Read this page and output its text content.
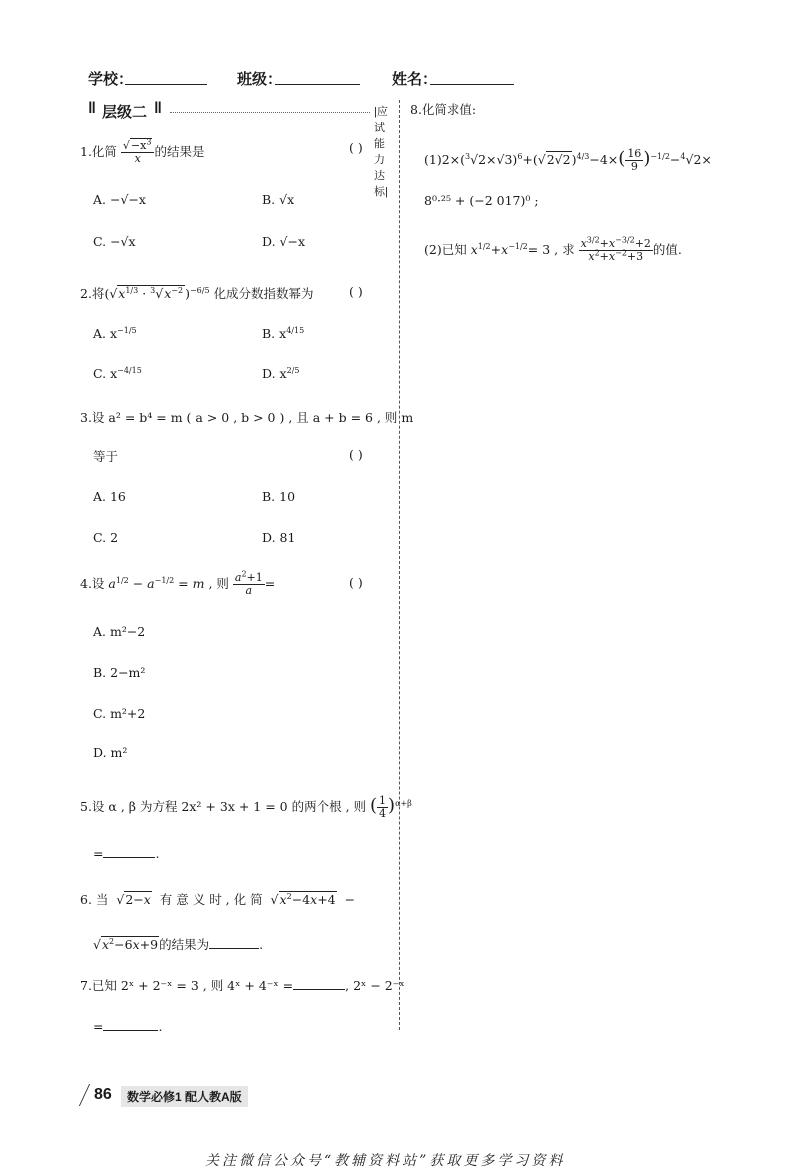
学校：	班级：	姓名：
‖ 层级二 ‖	|应试能力达标|
1.化简 $\frac{√-x^3}{x}$ 的结果是	( )
A. −√−x	B. √x
C. −√x	D. √−x
2.将($√x^{1/3} \cdot ^3√x^{-2}$ )$^{-6/5}$ 化成分数指数幂为	( )
A. $x^{-1/5}$	B. $x^{4/15}$
C. $x^{-4/15}$	D. $x^{2/5}$
3.设 a² = b⁴ = m ( a > 0 , b > 0 ) , 且 a + b = 6 , 则 m
等于	( )
A. 16	B. 10
C. 2	D. 81
4.设 $a^{1/2} - a^{-1/2} = m$ , 则 $\frac{a^2+1}{a}$ =	( )
A. m²−2
B. 2−m²
C. m²+2
D. m²
5.设 α , β 为方程 2x² + 3x + 1 = 0 的两个根 , 则 ( $\frac{1}{4} )^{\alpha+\beta}$
=	.
6. 当  √2−x 有 意 义 时 , 化 简  $√x^2-4x+4$  −
$√x^2-6x+9$的结果为	.
7.已知 2ˣ + 2⁻ˣ = 3 , 则 4ˣ + 4⁻ˣ =	, 2ˣ − 2⁻ˣ
=	.
8.化简求值:
$(1)2\times(^3√2\times√3)^6+(√2√2)^{4/3}-4\times( \frac{16}{9} )^{-1/2}-^4√2\times$
8⁰·²⁵ + (−2 017)⁰ ;
(2)已知 $x^{1/2}+x^{-1/2}= 3$ , 求 $\frac{x^{3/2}+x^{-3/2}+2}{x^2+x^{-2}+3}$ 的值.
86	数学必修1 配人教A版
关注微信公众号“教辅资料站”获取更多学习资料
